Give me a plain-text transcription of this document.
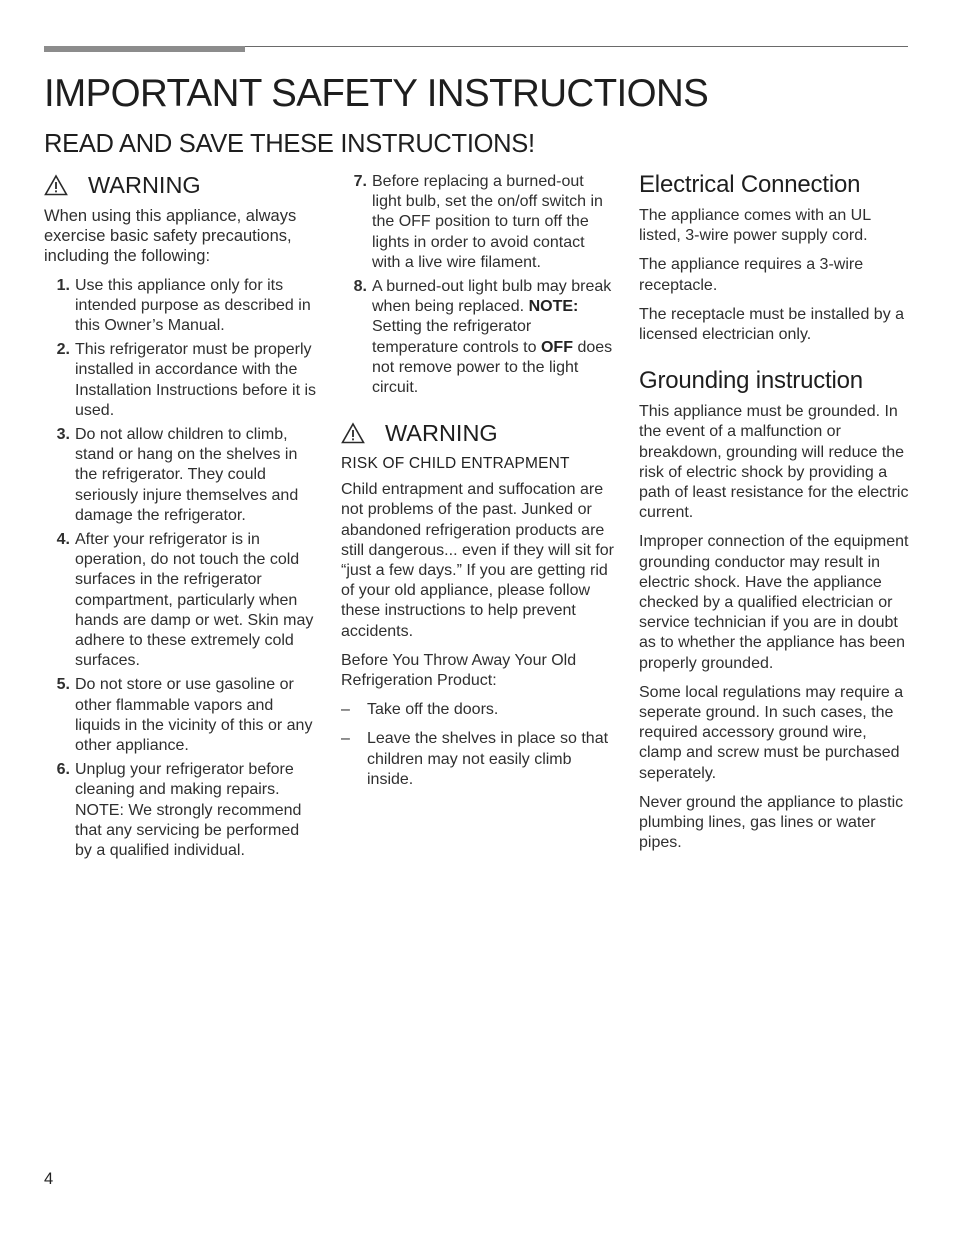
IMPORTANT SAFETY INSTRUCTIONS
READ AND SAVE THESE INSTRUCTIONS!
WARNING

When using this appliance, always exercise basic safety precautions, including the following:

1. Use this appliance only for its intended purpose as described in this Owner’s Manual.
2. This refrigerator must be properly installed in accordance with the Installation Instructions before it is used.
3. Do not allow children to climb, stand or hang on the shelves in the refrigerator. They could seriously injure themselves and damage the refrigerator.
4. After your refrigerator is in operation, do not touch the cold surfaces in the refrigerator compartment, particularly when hands are damp or wet. Skin may adhere to these extremely cold surfaces.
5. Do not store or use gasoline or other flammable vapors and liquids in the vicinity of this or any other appliance.
6. Unplug your refrigerator before cleaning and making repairs. NOTE: We strongly recommend that any servicing be performed by a qualified individual.
7. Before replacing a burned-out light bulb, set the on/off switch in the OFF position to turn off the lights in order to avoid contact with a live wire filament.
8. A burned-out light bulb may break when being replaced. NOTE: Setting the refrigerator temperature controls to OFF does not remove power to the light circuit.
WARNING

RISK OF CHILD ENTRAPMENT

Child entrapment and suffocation are not problems of the past. Junked or abandoned refrigeration products are still dangerous... even if they will sit for “just a few days.” If you are getting rid of your old appliance, please follow these instructions to help prevent accidents.

Before You Throw Away Your Old Refrigeration Product:

–	Take off the doors.
–	Leave the shelves in place so that children may not easily climb inside.
Electrical Connection

The appliance comes with an UL listed, 3-wire power supply cord.

The appliance requires a 3-wire receptacle.

The receptacle must be installed by a licensed electrician only.

Grounding instruction

This appliance must be grounded. In the event of a malfunction or breakdown, grounding will reduce the risk of electric shock by providing a path of least resistance for the electric current.

Improper connection of the equipment grounding conductor may result in electric shock. Have the appliance checked by a qualified electrician or service technician if you are in doubt as to whether the appliance has been properly grounded.

Some local regulations may require a seperate ground. In such cases, the required accessory ground wire, clamp and screw must be purchased seperately.

Never ground the appliance to plastic plumbing lines, gas lines or water pipes.

4
